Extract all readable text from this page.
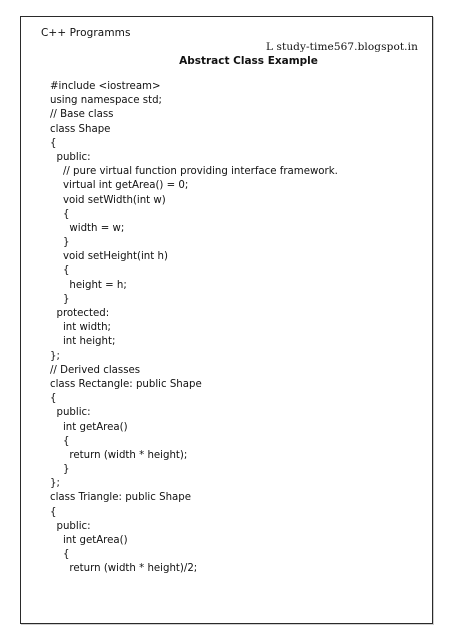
C++ Programms
L study-time567.blogspot.in
Abstract Class Example
#include <iostream>
using namespace std;
// Base class
class Shape
{
public:
// pure virtual function providing interface framework.
virtual int getArea() = 0;
void setWidth(int w)
{
width = w;
}
void setHeight(int h)
{
height = h;
}
protected:
int width;
int height;
};
// Derived classes
class Rectangle: public Shape
{
public:
int getArea()
{
return (width * height);
}
};
class Triangle: public Shape
{
public:
int getArea()
{
return (width * height)/2;
